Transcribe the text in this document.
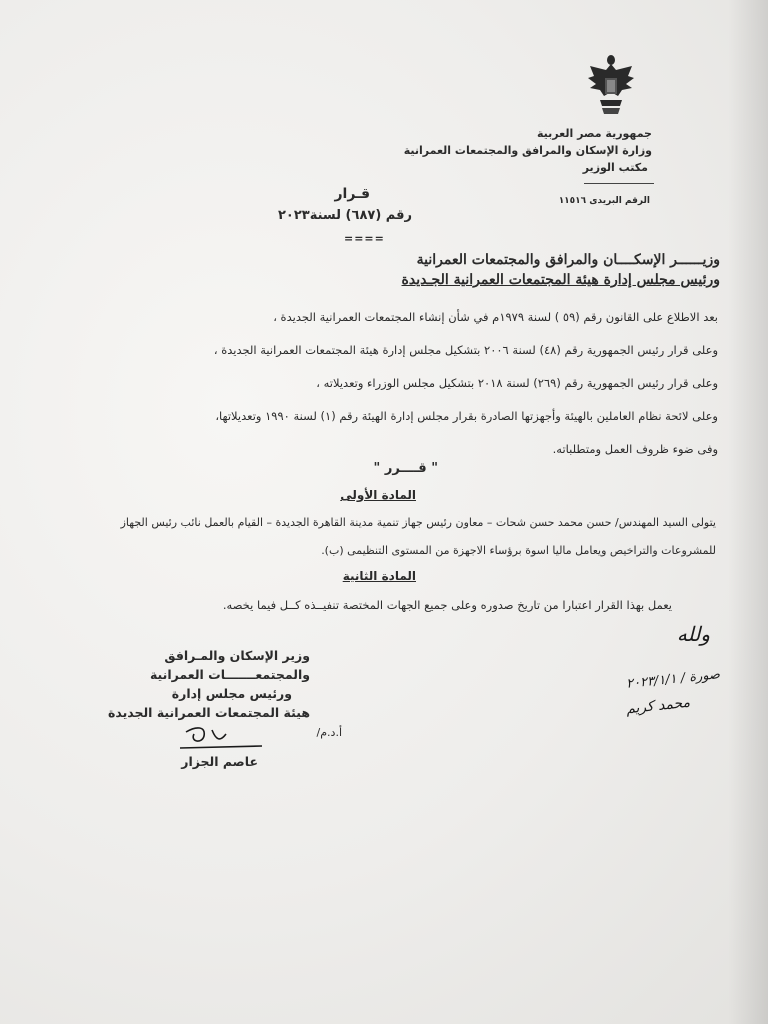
جمهورية مصر العربية
وزارة الإسكان والمرافق والمجتمعات العمرانية
مكتب الوزير
الرقم البريدى ١١٥١٦
قـرار
رقم (٦٨٧) لسنة٢٠٢٣
====
وزيــــــر الإسكــــان والمرافق والمجتمعات العمرانية
ورئيس مجلس إدارة هيئة المجتمعات العمرانية الجـديدة
بعد الاطلاع على القانون رقم (٥٩ ) لسنة ١٩٧٩م في شأن إنشاء المجتمعات العمرانية الجديدة ،
وعلى قرار رئيس الجمهورية رقم (٤٨) لسنة ٢٠٠٦ بتشكيل مجلس إدارة هيئة المجتمعات العمرانية الجديدة ،
وعلى قرار رئيس الجمهورية رقم (٢٦٩) لسنة ٢٠١٨ بتشكيل مجلس الوزراء وتعديلاته ،
وعلى لائحة نظام العاملين بالهيئة وأجهزتها الصادرة بقرار مجلس إدارة الهيئة رقم (١) لسنة ١٩٩٠ وتعديلاتها،
وفى ضوء ظروف العمل ومتطلباته.
" قــــرر "
المادة الأولى
يتولى السيد المهندس/ حسن محمد حسن شحات – معاون رئيس جهاز تنمية مدينة القاهرة الجديدة – القيام بالعمل نائب رئيس الجهاز
للمشروعات والتراخيص ويعامل ماليا اسوة برؤساء الاجهزة من المستوى التنظيمى (ب).
المادة الثانية
يعمل بهذا القرار اعتبارا من تاريخ صدوره وعلى جميع الجهات المختصة تنفيــذه كــل فيما يخصه.
وزير الإسكان والمـرافق
والمجتمعـــــــات العمرانية
ورئيس مجلس إدارة
هيئة المجتمعات العمرانية الجديدة
أ.د.م/
عاصم الجزار
ولله
صورة / ٢٠٢٣/١/١
محمد كريم
